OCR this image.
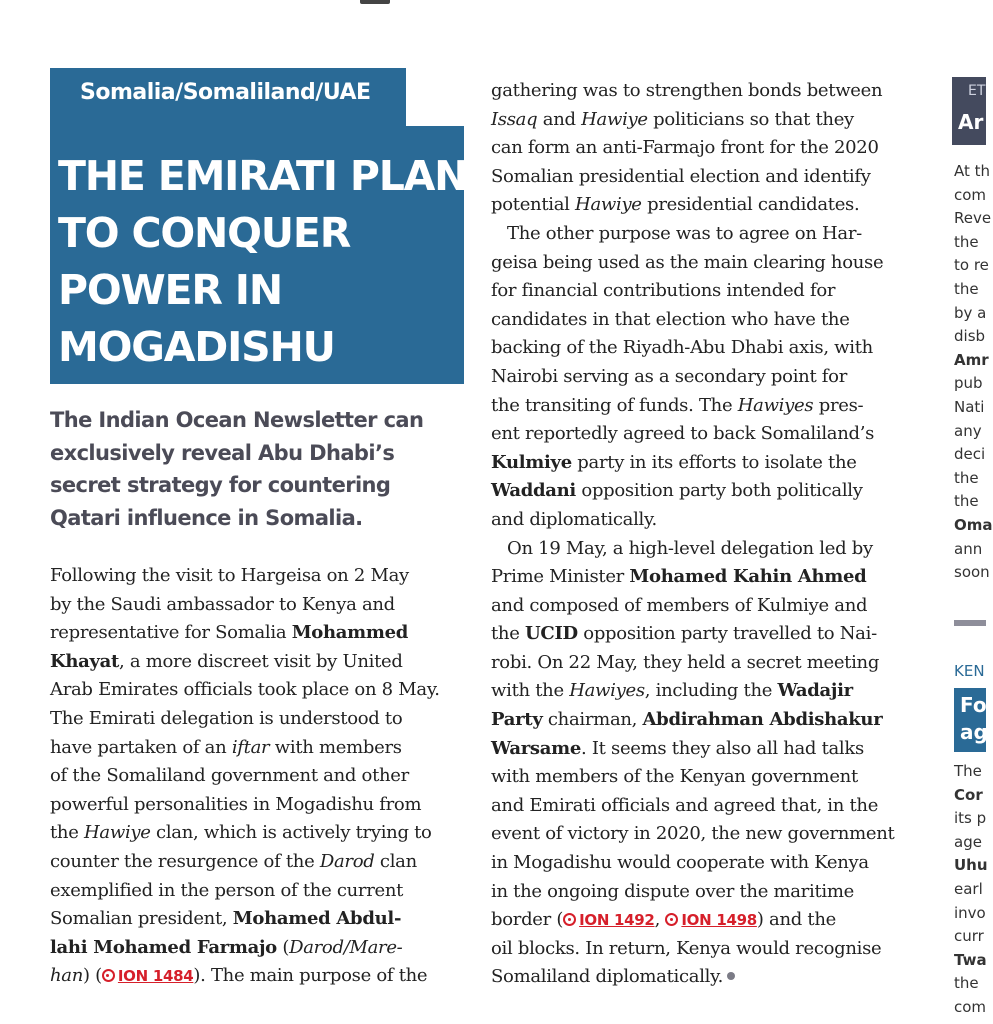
Somalia/Somaliland/UAE
THE EMIRATI PLAN
TO CONQUER
POWER IN
MOGADISHU
The Indian Ocean Newsletter can
exclusively reveal Abu Dhabi’s
secret strategy for countering
Qatari influence in Somalia.
Following the visit to Hargeisa on 2 May
by the Saudi ambassador to Kenya and
representative for Somalia Mohammed
Khayat, a more discreet visit by United
Arab Emirates officials took place on 8 May.
The Emirati delegation is understood to
have partaken of an iftar with members
of the Somaliland government and other
powerful personalities in Mogadishu from
the Hawiye clan, which is actively trying to
counter the resurgence of the Darod clan
exemplified in the person of the current
Somalian president, Mohamed Abdul-
lahi Mohamed Farmajo (Darod/Mare-
han) ( ION 1484). The main purpose of the
gathering was to strengthen bonds between
Issaq and Hawiye politicians so that they
can form an anti-Farmajo front for the 2020
Somalian presidential election and identify
potential Hawiye presidential candidates.
The other purpose was to agree on Har-
geisa being used as the main clearing house
for financial contributions intended for
candidates in that election who have the
backing of the Riyadh-Abu Dhabi axis, with
Nairobi serving as a secondary point for
the transiting of funds. The Hawiyes pres-
ent reportedly agreed to back Somaliland’s
Kulmiye party in its efforts to isolate the
Waddani opposition party both politically
and diplomatically.
On 19 May, a high-level delegation led by
Prime Minister Mohamed Kahin Ahmed
and composed of members of Kulmiye and
the UCID opposition party travelled to Nai-
robi. On 22 May, they held a secret meeting
with the Hawiyes, including the Wadajir
Party chairman, Abdirahman Abdishakur
Warsame. It seems they also all had talks
with members of the Kenyan government
and Emirati officials and agreed that, in the
event of victory in 2020, the new government
in Mogadishu would cooperate with Kenya
in the ongoing dispute over the maritime
border ( ION 1492, ION 1498) and the
oil blocks. In return, Kenya would recognise
Somaliland diplomatically.
ET
Ar
At th
com
Reve
the
to re
the
by a
disb
Amr
pub
Nati
any
deci
the
the
Oma
ann
soon
KEN
Fo
ag
The
Cor
its p
age
Uhu
earl
invo
curr
Twa
the
com
